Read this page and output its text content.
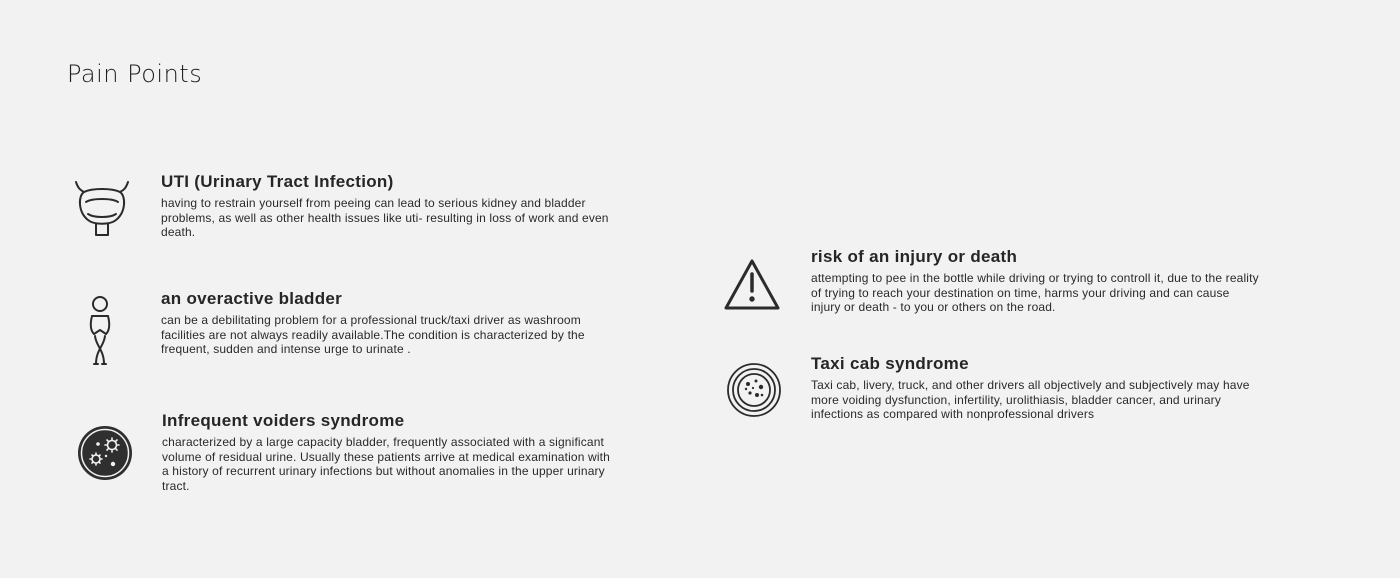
Pain Points
UTI (Urinary Tract Infection)

having to restrain yourself from peeing can lead to serious kidney and bladder problems, as well as other health issues like uti- resulting in loss of work and even death.

an overactive bladder

can be a debilitating problem for a professional truck/taxi driver as washroom facilities are not always readily available.The condition is characterized by the frequent, sudden and intense urge to urinate .

Infrequent voiders syndrome

characterized by a large capacity bladder, frequently associated with a significant volume of residual urine. Usually these patients arrive at medical examination with a history of recurrent urinary infections but without anomalies in the upper urinary tract.

risk of an injury or death

attempting to pee in the bottle while driving or trying to controll it, due to the reality of trying to reach your destination on time, harms your driving and can cause injury or death - to you or others on the road.

Taxi cab syndrome

Taxi cab, livery, truck, and other drivers all objectively and subjectively may have more voiding dysfunction, infertility, urolithiasis, bladder cancer, and urinary infections as compared with nonprofessional drivers
